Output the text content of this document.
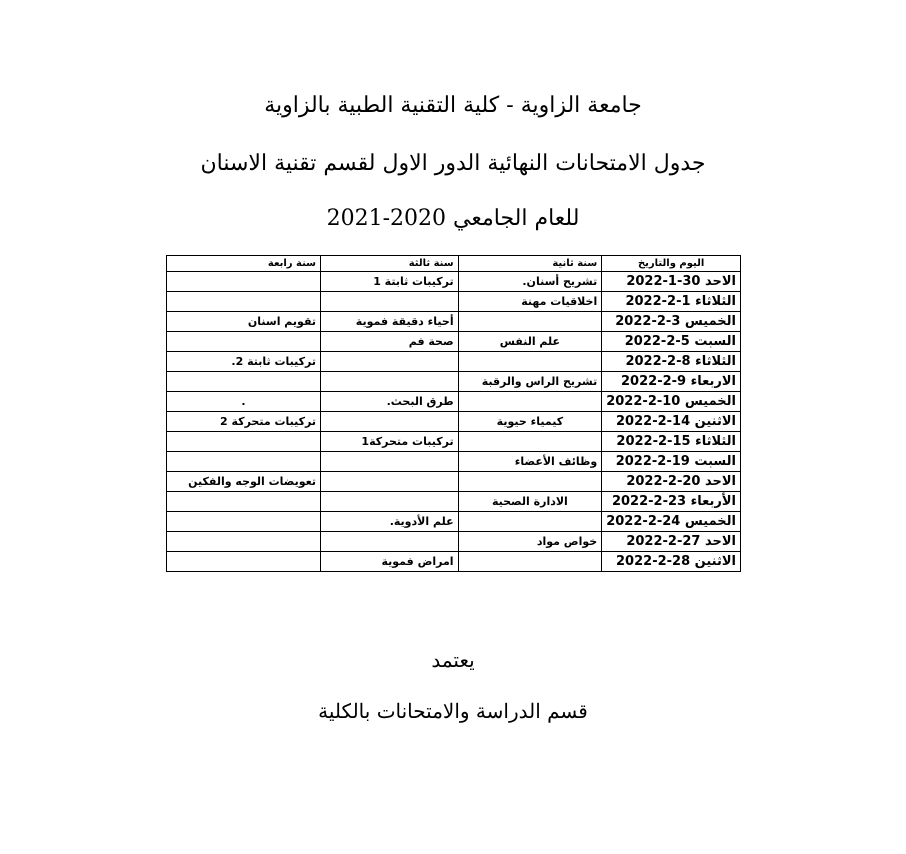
جامعة الزاوية - كلية التقنية الطبية بالزاوية
جدول الامتحانات النهائية الدور الاول لقسم تقنية الاسنان
للعام الجامعي 2020-2021
اليوم والتاريخ	سنة ثانية	سنة ثالثة	سنة رابعة
الاحد 30-1-2022	تشريح أسنان.	تركيبات ثابتة 1	
الثلاثاء 1-2-2022	اخلاقيات مهنة		
الخميس 3-2-2022		أحياء دقيقة فموية	تقويم اسنان
السبت 5-2-2022	علم النفس	صحة فم	
الثلاثاء 8-2-2022			تركيبات ثابتة 2.
الاربعاء 9-2-2022	تشريح الراس والرقبة		
الخميس 10-2-2022		طرق البحث.	.
الاثنين 14-2-2022	كيمياء حيوية		تركيبات متحركة 2
الثلاثاء 15-2-2022		تركيبات متحركة1	
السبت 19-2-2022	وظائف الأعضاء		
الاحد 20-2-2022			تعويضات الوجه والفكين
الأربعاء 23-2-2022	الادارة الصحية		
الخميس 24-2-2022		علم الأدوية.	
الاحد 27-2-2022	خواص مواد		
الاثنين 28-2-2022		امراض فموية	
يعتمد
قسم الدراسة والامتحانات بالكلية
